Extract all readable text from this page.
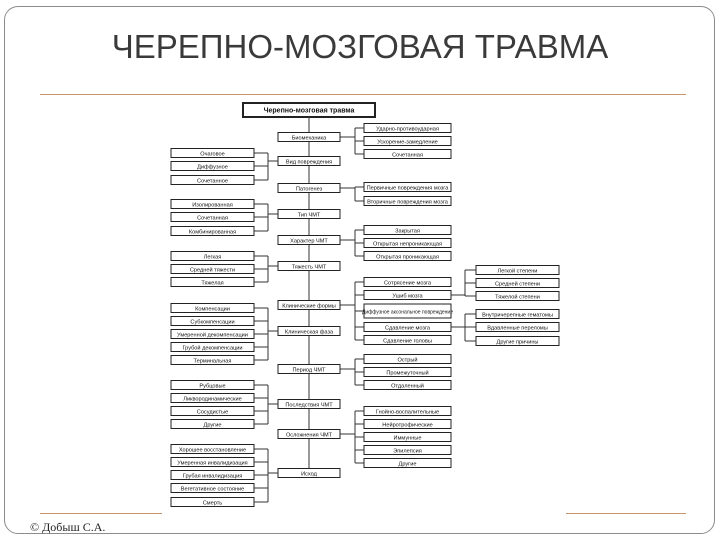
ЧЕРЕПНО-МОЗГОВАЯ ТРАВМА
Черепно-мозговая травма
Биомеханика
Вид повреждения
Патогенез
Тип ЧМТ
Характер ЧМТ
Тяжесть ЧМТ
Клинические формы
Клиническая фаза
Период ЧМТ
Последствия ЧМТ
Осложнения ЧМТ
Исход
Очаговое
Диффузное
Сочетанное
Изолированная
Сочетанная
Комбинированная
Легкая
Средней тяжести
Тяжелая
Компенсации
Субкомпенсации
Умеренной декомпенсации
Грубой декомпенсации
Терминальная
Рубцовые
Ликвородинамические
Сосудистые
Другие
Хорошее восстановление
Умеренная инвалидизация
Грубая инвалидизация
Вегетативное состояние
Смерть
Ударно-противоударная
Ускорение-замедление
Сочетанная
Первичные повреждения мозга
Вторичные повреждения мозга
Закрытая
Открытая непроникающая
Открытая проникающая
Сотрясение мозга
Ушиб мозга
Диффузное аксональное повреждение
Сдавление мозга
Сдавление головы
Острый
Промежуточный
Отдаленный
Гнойно-воспалительные
Нейротрофические
Иммунные
Эпилепсия
Другие
Легкой степени
Средней степени
Тяжелой степени
Внутричерепные гематомы
Вдавленные переломы
Другие причины
© Добыш С.А.
